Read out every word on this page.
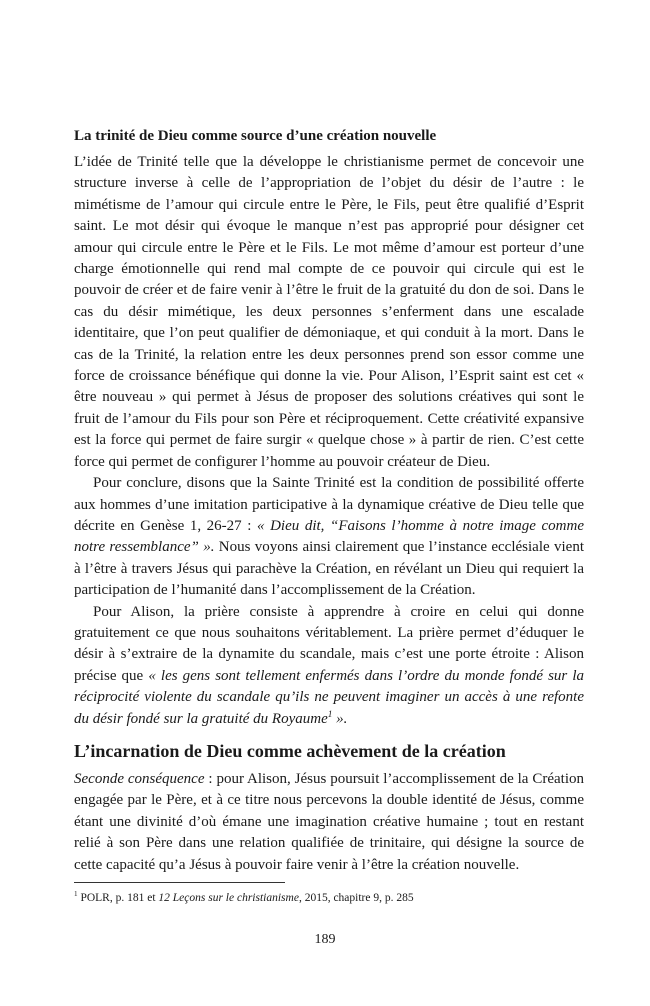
La trinité de Dieu comme source d’une création nouvelle

L’idée de Trinité telle que la développe le christianisme permet de concevoir une structure inverse à celle de l’appropriation de l’objet du désir de l’autre : le mimétisme de l’amour qui circule entre le Père, le Fils, peut être qualifié d’Esprit saint. Le mot désir qui évoque le manque n’est pas approprié pour désigner cet amour qui circule entre le Père et le Fils. Le mot même d’amour est porteur d’une charge émotionnelle qui rend mal compte de ce pouvoir qui circule qui est le pouvoir de créer et de faire venir à l’être le fruit de la gratuité du don de soi. Dans le cas du désir mimétique, les deux personnes s’enferment dans une escalade identitaire, que l’on peut qualifier de démoniaque, et qui conduit à la mort. Dans le cas de la Trinité, la relation entre les deux personnes prend son essor comme une force de croissance bénéfique qui donne la vie. Pour Alison, l’Esprit saint est cet « être nouveau » qui permet à Jésus de proposer des solutions créatives qui sont le fruit de l’amour du Fils pour son Père et réciproquement. Cette créativité expansive est la force qui permet de faire surgir « quelque chose » à partir de rien. C’est cette force qui permet de configurer l’homme au pouvoir créateur de Dieu.

Pour conclure, disons que la Sainte Trinité est la condition de possibilité offerte aux hommes d’une imitation participative à la dynamique créative de Dieu telle que décrite en Genèse 1, 26-27 : « Dieu dit, “Faisons l’homme à notre image comme notre ressemblance” ». Nous voyons ainsi clairement que l’instance ecclésiale vient à l’être à travers Jésus qui parachève la Création, en révélant un Dieu qui requiert la participation de l’humanité dans l’accomplissement de la Création.

Pour Alison, la prière consiste à apprendre à croire en celui qui donne gratuitement ce que nous souhaitons véritablement. La prière permet d’éduquer le désir à s’extraire de la dynamite du scandale, mais c’est une porte étroite : Alison précise que « les gens sont tellement enfermés dans l’ordre du monde fondé sur la réciprocité violente du scandale qu’ils ne peuvent imaginer un accès à une refonte du désir fondé sur la gratuité du Royaume$^1$ ».

L’incarnation de Dieu comme achèvement de la création

Seconde conséquence : pour Alison, Jésus poursuit l’accomplissement de la Création engagée par le Père, et à ce titre nous percevons la double identité de Jésus, comme étant une divinité d’où émane une imagination créative humaine ; tout en restant relié à son Père dans une relation qualifiée de trinitaire, qui désigne la source de cette capacité qu’a Jésus à pouvoir faire venir à l’être la création nouvelle.

$^1$ POLR, p. 181 et 12 Leçons sur le christianisme, 2015, chapitre 9, p. 285
189
